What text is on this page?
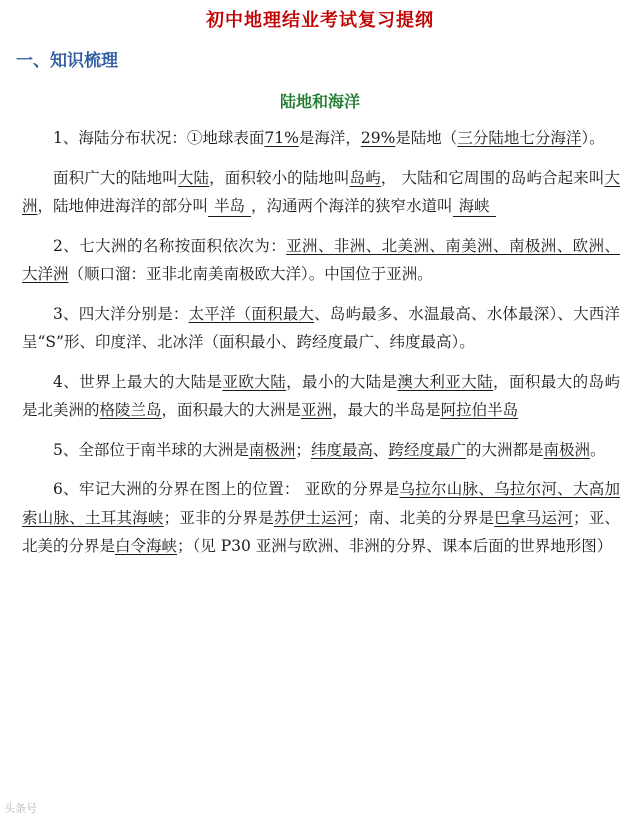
初中地理结业考试复习提纲
一、知识梳理
陆地和海洋

1、海陆分布状况：①地球表面71%是海洋，29%是陆地（三分陆地七分海洋）。

面积广大的陆地叫大陆，面积较小的陆地叫岛屿， 大陆和它周围的岛屿合起来叫大洲，陆地伸进海洋的部分叫 半岛 ，沟通两个海洋的狭窄水道叫 海峡

2、七大洲的名称按面积依次为：亚洲、非洲、北美洲、南美洲、南极洲、欧洲、大洋洲（顺口溜：亚非北南美南极欧大洋）。中国位于亚洲。

3、四大洋分别是：太平洋（面积最大、岛屿最多、水温最高、水体最深）、大西洋呈“S”形、印度洋、北冰洋（面积最小、跨经度最广、纬度最高）。

4、世界上最大的大陆是亚欧大陆，最小的大陆是澳大利亚大陆，面积最大的岛屿是北美洲的格陵兰岛，面积最大的大洲是亚洲，最大的半岛是阿拉伯半岛

5、全部位于南半球的大洲是南极洲；纬度最高、跨经度最广的大洲都是南极洲。

6、牢记大洲的分界在图上的位置： 亚欧的分界是乌拉尔山脉、乌拉尔河、大高加索山脉、土耳其海峡；亚非的分界是苏伊士运河；南、北美的分界是巴拿马运河；亚、北美的分界是白令海峡；（见 P30 亚洲与欧洲、非洲的分界、课本后面的世界地形图）

头条号
